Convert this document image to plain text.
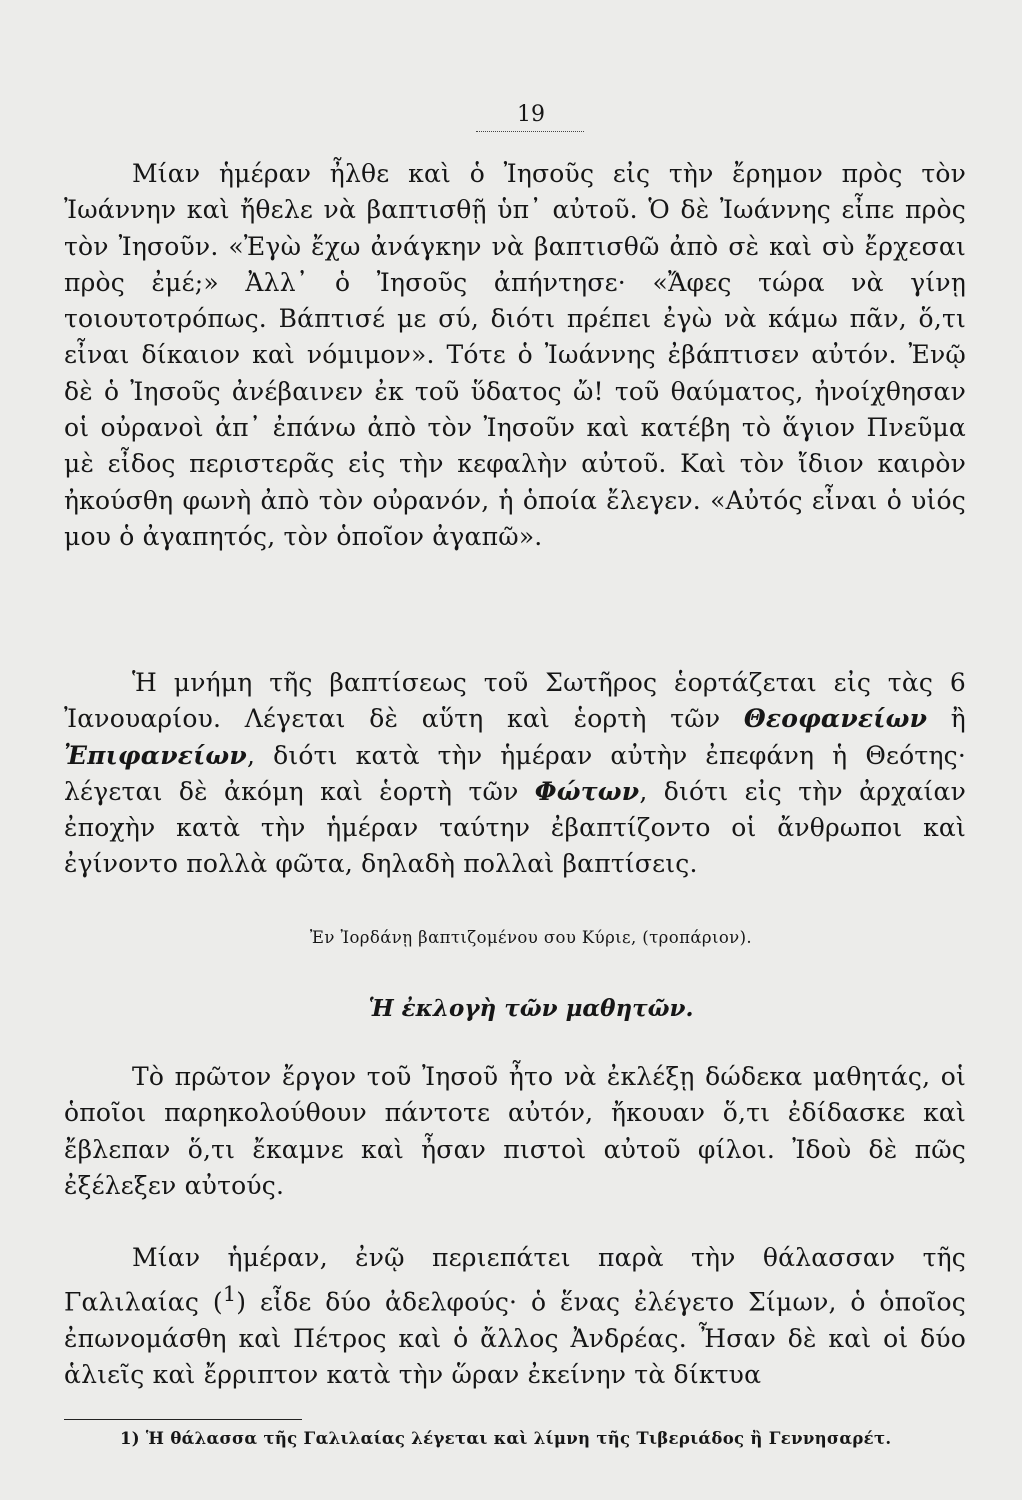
19

Μίαν ἡμέραν ἦλθε καὶ ὁ Ἰησοῦς εἰς τὴν ἔρημον πρὸς τὸν Ἰωάννην καὶ ἤθελε νὰ βαπτισθῇ ὑπ᾽ αὐτοῦ. Ὁ δὲ Ἰωάννης εἶπε πρὸς τὸν Ἰησοῦν. «Ἐγὼ ἔχω ἀνάγκην νὰ βαπτισθῶ ἀπὸ σὲ καὶ σὺ ἔρχεσαι πρὸς ἐμέ;» Ἀλλ᾽ ὁ Ἰησοῦς ἀπήντησε· «Ἄφες τώρα νὰ γίνῃ τοιουτοτρόπως. Βάπτισέ με σύ, διότι πρέπει ἐγὼ νὰ κάμω πᾶν, ὅ,τι εἶναι δίκαιον καὶ νόμιμον». Τότε ὁ Ἰωάννης ἐβάπτισεν αὐτόν. Ἐνῷ δὲ ὁ Ἰησοῦς ἀνέβαινεν ἐκ τοῦ ὕδατος ὤ! τοῦ θαύματος, ἠνοίχθησαν οἱ οὐρανοὶ ἀπ᾽ ἐπάνω ἀπὸ τὸν Ἰησοῦν καὶ κατέβη τὸ ἅγιον Πνεῦμα μὲ εἶδος περιστερᾶς εἰς τὴν κεφαλὴν αὐτοῦ. Καὶ τὸν ἴδιον καιρὸν ἠκούσθη φωνὴ ἀπὸ τὸν οὐρανόν, ἡ ὁποία ἔλεγεν. «Αὐτός εἶναι ὁ υἱός μου ὁ ἀγαπητός, τὸν ὁποῖον ἀγαπῶ».

Ἡ μνήμη τῆς βαπτίσεως τοῦ Σωτῆρος ἑορτάζεται εἰς τὰς 6 Ἰανουαρίου. Λέγεται δὲ αὕτη καὶ ἑορτὴ τῶν Θεοφανείων ἢ Ἐπιφανείων, διότι κατὰ τὴν ἡμέραν αὐτὴν ἐπεφάνη ἡ Θεότης· λέγεται δὲ ἀκόμη καὶ ἑορτὴ τῶν Φώτων, διότι εἰς τὴν ἀρχαίαν ἐποχὴν κατὰ τὴν ἡμέραν ταύτην ἐβαπτίζοντο οἱ ἄνθρωποι καὶ ἐγίνοντο πολλὰ φῶτα, δηλαδὴ πολλαὶ βαπτίσεις.

Ἐν Ἰορδάνῃ βαπτιζομένου σου Κύριε, (τροπάριον).
Ἡ ἐκλογὴ τῶν μαθητῶν.

Τὸ πρῶτον ἔργον τοῦ Ἰησοῦ ἦτο νὰ ἐκλέξῃ δώδεκα μαθητάς, οἱ ὁποῖοι παρηκολούθουν πάντοτε αὐτόν, ἤκουαν ὅ,τι ἐδίδασκε καὶ ἔβλεπαν ὅ,τι ἔκαμνε καὶ ἦσαν πιστοὶ αὐτοῦ φίλοι. Ἰδοὺ δὲ πῶς ἐξέλεξεν αὐτούς.

Μίαν ἡμέραν, ἐνῷ περιεπάτει παρὰ τὴν θάλασσαν τῆς Γαλιλαίας ($^1$) εἶδε δύο ἀδελφούς· ὁ ἕνας ἐλέγετο Σίμων, ὁ ὁποῖος ἐπωνομάσθη καὶ Πέτρος καὶ ὁ ἄλλος Ἀνδρέας. Ἦσαν δὲ καὶ οἱ δύο ἁλιεῖς καὶ ἔρριπτον κατὰ τὴν ὥραν ἐκείνην τὰ δίκτυα

1) Ἡ θάλασσα τῆς Γαλιλαίας λέγεται καὶ λίμνη τῆς Τιβεριάδος ἢ Γεννησαρέτ.
